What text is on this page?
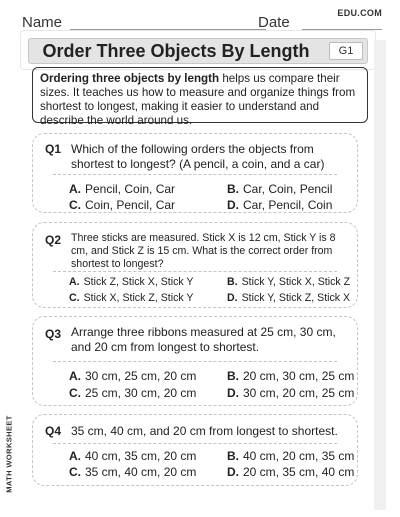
Name	Date
EDU.COM
Order Three Objects By Length	G1
Ordering three objects by length helps us compare their sizes. It teaches us how to measure and organize things from shortest to longest, making it easier to understand and describe the world around us.
Q1 Which of the following orders the objects from shortest to longest? (A pencil, a coin, and a car)
A. Pencil, Coin, Car	B. Car, Coin, Pencil
C. Coin, Pencil, Car	D. Car, Pencil, Coin
Q2 Three sticks are measured. Stick X is 12 cm, Stick Y is 8 cm, and Stick Z is 15 cm. What is the correct order from shortest to longest?
A. Stick Z, Stick X, Stick Y	B. Stick Y, Stick X, Stick Z
C. Stick X, Stick Z, Stick Y	D. Stick Y, Stick Z, Stick X
Q3 Arrange three ribbons measured at 25 cm, 30 cm, and 20 cm from longest to shortest.
A. 30 cm, 25 cm, 20 cm	B. 20 cm, 30 cm, 25 cm
C. 25 cm, 30 cm, 20 cm	D. 30 cm, 20 cm, 25 cm
Q4 35 cm, 40 cm, and 20 cm from longest to shortest.
A. 40 cm, 35 cm, 20 cm	B. 40 cm, 20 cm, 35 cm
C. 35 cm, 40 cm, 20 cm	D. 20 cm, 35 cm, 40 cm
MATH WORKSHEET
